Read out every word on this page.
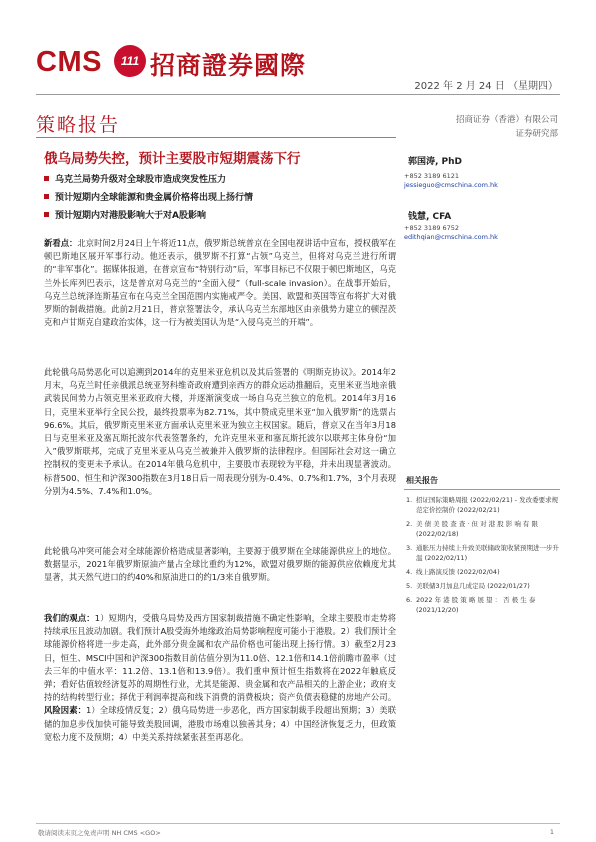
CMS	111 招商證券國際
2022 年 2 月 24 日 （星期四）
策略报告	招商证券（香港）有限公司
证券研究部
俄乌局势失控，预计主要股市短期震荡下行
乌克兰局势升级对全球股市造成突发性压力
预计短期内全球能源和贵金属价格将出现上扬行情
预计短期内对港股影响大于对A股影响
郭国涛, PhD
+852 3189 6121
jessieguo@cmschina.com.hk
钱慧, CFA
+852 3189 6752
edithqian@cmschina.com.hk
相关报告
1. 招证国际策略周报 (2022/02/21) - 发改委要求规范定价控制价 (2022/02/21)
2. 美 债 美 股 查 查 · 但 对 港 股 影 响 有 限 (2022/02/18)
3. 通胀压力持续上升致美联储政策收紧预期进一步升温 (2022/02/11)
4. 线上路演反馈 (2022/02/04)
5. 美联储3月加息几成定局 (2022/01/27)
6. 2022 年 港 股 策 略 展 望 ： 否 极 生 泰 (2021/12/20)

新看点：北京时间2月24日上午将近11点，俄罗斯总统普京在全国电视讲话中宣布，授权俄军在顿巴斯地区展开军事行动。他还表示，俄罗斯不打算“占领”乌克兰，但将对乌克兰进行所谓的“非军事化”。据媒体报道，在普京宣布“特别行动”后，军事目标已不仅限于顿巴斯地区，乌克兰外长库列巴表示，这是普京对乌克兰的“全面入侵”（full-scale invasion）。在战事开始后，乌克兰总统泽连斯基宣布在乌克兰全国范围内实施戒严令。美国、欧盟和英国等宣布将扩大对俄罗斯的制裁措施。此前2月21日，普京签署法令，承认乌克兰东部地区由亲俄势力建立的顿涅茨克和卢甘斯克自建政治实体，这一行为被美国认为是“入侵乌克兰的开端”。

此轮俄乌局势恶化可以追溯到2014年的克里米亚危机以及其后签署的《明斯克协议》。2014年2月末，乌克兰时任亲俄派总统亚努科维奇政府遭到亲西方的群众运动推翻后，克里米亚当地亲俄武装民间势力占领克里米亚政府大楼，并逐渐演变成一场自乌克兰独立的危机。2014年3月16日，克里米亚举行全民公投，最终投票率为82.71%，其中赞成克里米亚“加入俄罗斯”的选票占96.6%。其后，俄罗斯克里米亚方面承认克里米亚为独立主权国家。随后，普京又在当年3月18日与克里米亚及塞瓦斯托波尔代表签署条约，允许克里米亚和塞瓦斯托波尔以联邦主体身份“加入”俄罗斯联邦，完成了克里米亚从乌克兰被兼并入俄罗斯的法律程序。但国际社会对这一确立控制权的变更未予承认。在2014年俄乌危机中，主要股市表现较为平稳，并未出现显著波动。标普500、恒生和沪深300指数在3月18日后一周表现分别为-0.4%、0.7%和1.7%，3个月表现分别为4.5%、7.4%和1.0%。

此轮俄乌冲突可能会对全球能源价格造成显著影响，主要源于俄罗斯在全球能源供应上的地位。数据显示，2021年俄罗斯原油产量占全球比重约为12%，欧盟对俄罗斯的能源供应依赖度尤其显著，其天然气进口的约40%和原油进口的约1/3来自俄罗斯。

我们的观点：1）短期内，受俄乌局势及西方国家制裁措施不确定性影响，全球主要股市走势将持续承压且波动加剧。我们预计A股受海外地缘政治局势影响程度可能小于港股。2）我们预计全球能源价格将进一步走高，此外部分贵金属和农产品价格也可能出现上扬行情。3）截至2月23日，恒生、MSCI中国和沪深300指数目前估值分别为11.0倍、12.1倍和14.1倍前瞻市盈率（过去三年的中值水平：11.2倍、13.1倍和13.9倍）。我们重申预计恒生指数将在2022年触底反弹；看好估值较经济复苏的周期性行业，尤其是能源、贵金属和农产品相关的上游企业；政府支持的结构转型行业；择优于利润率提高和线下消费的消费板块；资产负债表稳健的房地产公司。风险因素：1）全球疫情反复；2）俄乌局势进一步恶化，西方国家制裁手段超出预期；3）美联储的加息步伐加快可能导致美股回调，港股市场难以独善其身；4）中国经济恢复乏力，但政策宽松力度不及预期；4）中美关系持续紧张甚至再恶化。

敬请阅读末页之免责声明 NH CMS <GO>	1
